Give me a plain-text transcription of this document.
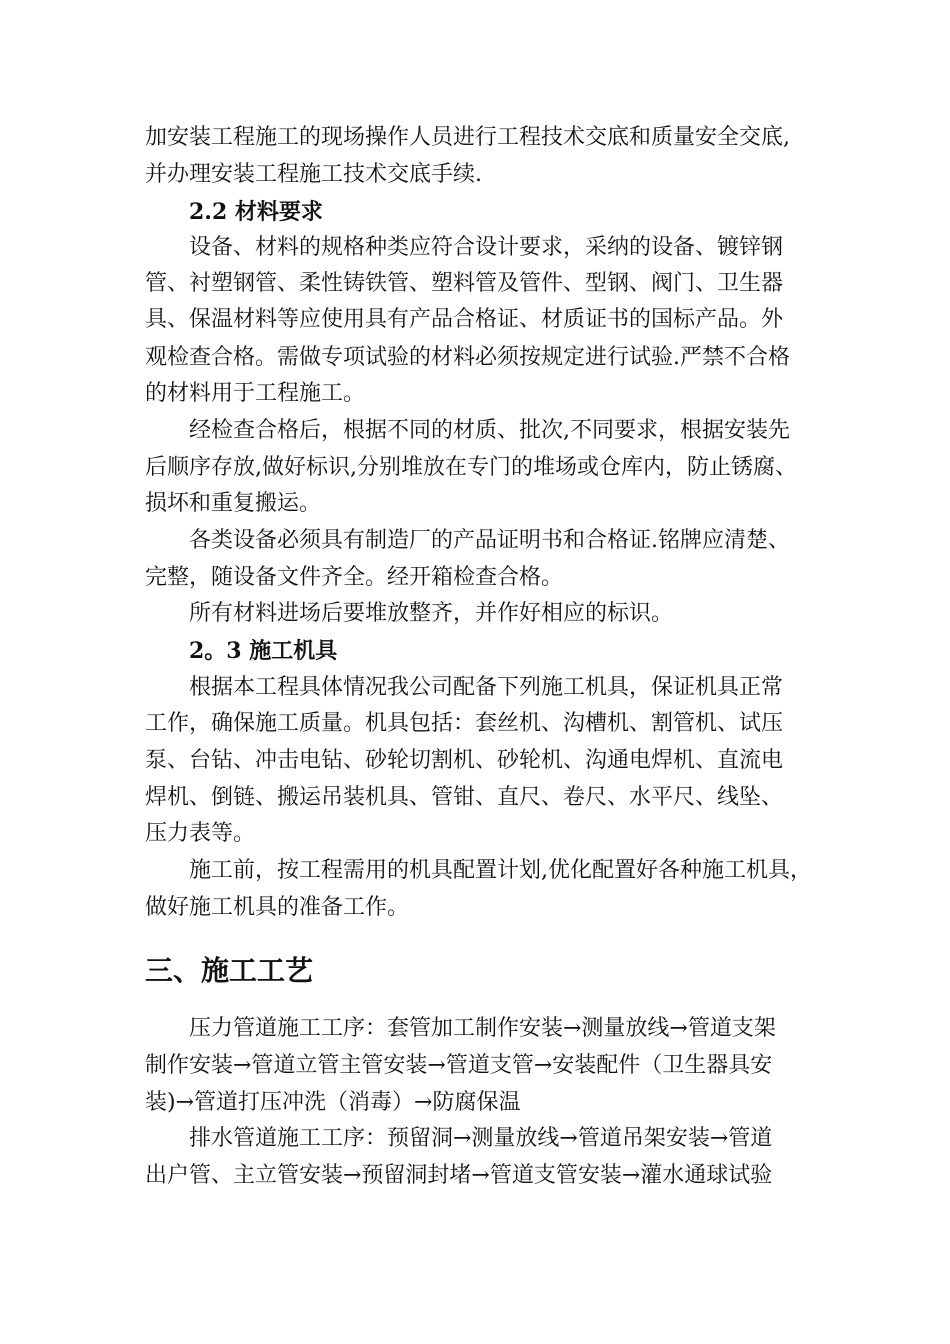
加安装工程施工的现场操作人员进行工程技术交底和质量安全交底,
并办理安装工程施工技术交底手续.
2.2 材料要求
设备、材料的规格种类应符合设计要求，采纳的设备、镀锌钢
管、衬塑钢管、柔性铸铁管、塑料管及管件、型钢、阀门、卫生器
具、保温材料等应使用具有产品合格证、材质证书的国标产品。外
观检查合格。需做专项试验的材料必须按规定进行试验.严禁不合格
的材料用于工程施工。
经检查合格后，根据不同的材质、批次,不同要求，根据安装先
后顺序存放,做好标识,分别堆放在专门的堆场或仓库内，防止锈腐、
损坏和重复搬运。
各类设备必须具有制造厂的产品证明书和合格证.铭牌应清楚、
完整，随设备文件齐全。经开箱检查合格。
所有材料进场后要堆放整齐，并作好相应的标识。
2。3 施工机具
根据本工程具体情况我公司配备下列施工机具，保证机具正常
工作，确保施工质量。机具包括：套丝机、沟槽机、割管机、试压
泵、台钻、冲击电钻、砂轮切割机、砂轮机、沟通电焊机、直流电
焊机、倒链、搬运吊装机具、管钳、直尺、卷尺、水平尺、线坠、
压力表等。
施工前，按工程需用的机具配置计划,优化配置好各种施工机具，
做好施工机具的准备工作。
三、施工工艺
压力管道施工工序：套管加工制作安装→测量放线→管道支架
制作安装→管道立管主管安装→管道支管→安装配件（卫生器具安
装)→管道打压冲洗（消毒）→防腐保温
排水管道施工工序：预留洞→测量放线→管道吊架安装→管道
出户管、主立管安装→预留洞封堵→管道支管安装→灌水通球试验
